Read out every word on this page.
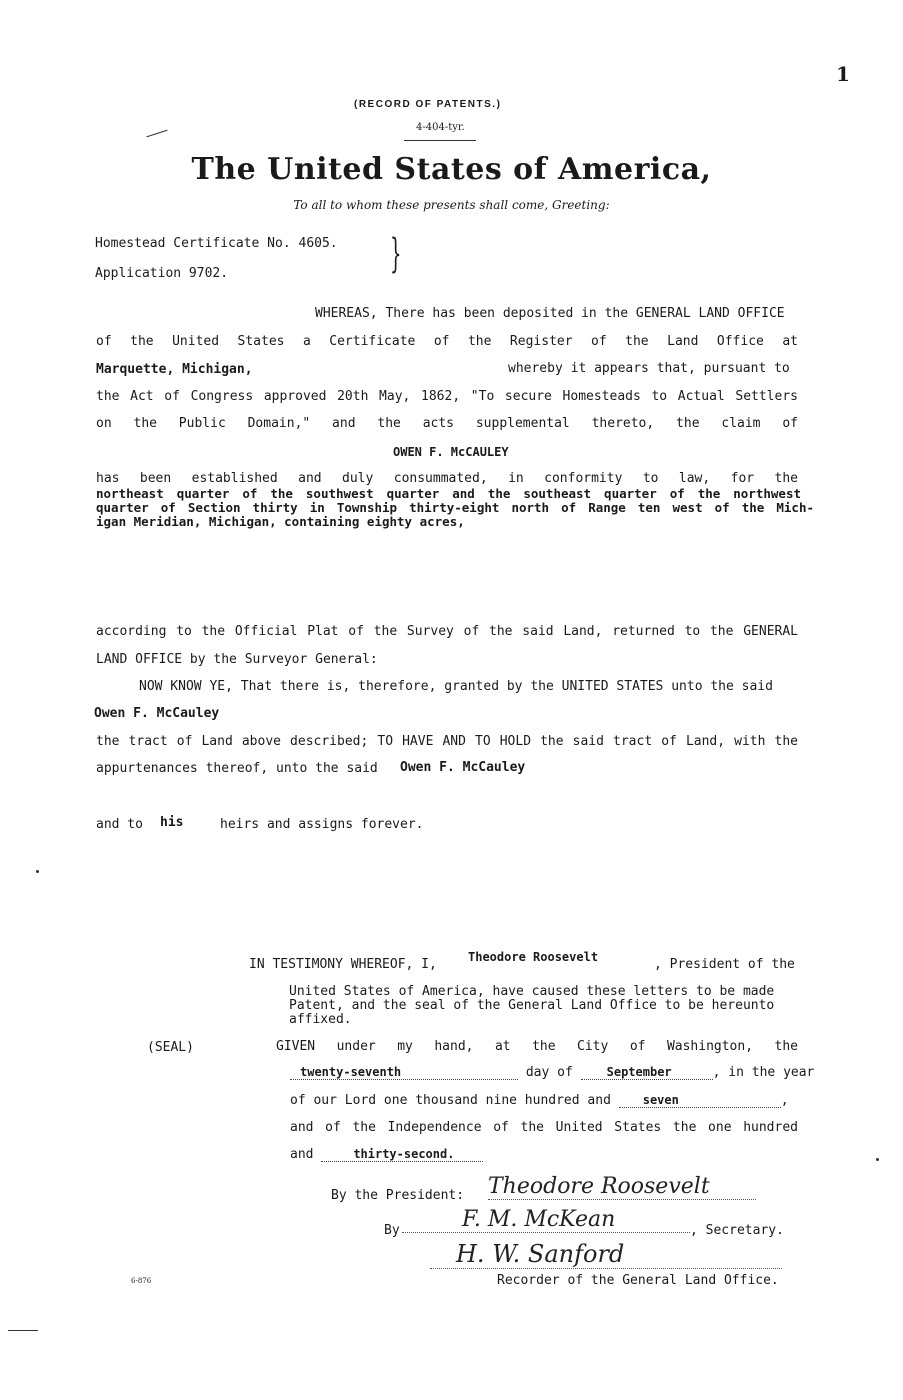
1
(RECORD OF PATENTS.)
4-404-tyr.
The United States of America,
To all to whom these presents shall come, Greeting:
Homestead Certificate No. 4605.
Application 9702.	}
WHEREAS, There has been deposited in the GENERAL LAND OFFICE
of the United States a Certificate of the Register of the Land Office at
Marquette, Michigan,	whereby it appears that, pursuant to
the Act of Congress approved 20th May, 1862, "To secure Homesteads to Actual Settlers
on the Public Domain," and the acts supplemental thereto, the claim of
OWEN F. McCAULEY
has been established and duly consummated, in conformity to law, for the
northeast quarter of the southwest quarter and the southeast quarter of the northwest
quarter of Section thirty in Township thirty-eight north of Range ten west of the Mich-
igan Meridian, Michigan, containing eighty acres,
according to the Official Plat of the Survey of the said Land, returned to the GENERAL
LAND OFFICE by the Surveyor General:
NOW KNOW YE, That there is, therefore, granted by the UNITED STATES unto the said
Owen F. McCauley
the tract of Land above described; TO HAVE AND TO HOLD the said tract of Land, with the
appurtenances thereof, unto the said Owen F. McCauley
and to his	heirs and assigns forever.
IN TESTIMONY WHEREOF, I,	Theodore Roosevelt	, President of the
United States of America, have caused these letters to be made
Patent, and the seal of the General Land Office to be hereunto
affixed.
(SEAL)	GIVEN under my hand, at the City of Washington, the
twenty-seventh	day of	September	, in the year
of our Lord one thousand nine hundred and	seven	,
and of the Independence of the United States the one hundred
and	thirty-second.
By the President: Theodore Roosevelt
By	F. M. McKean	, Secretary.
H. W. Sanford
Recorder of the General Land Office.
6-876
